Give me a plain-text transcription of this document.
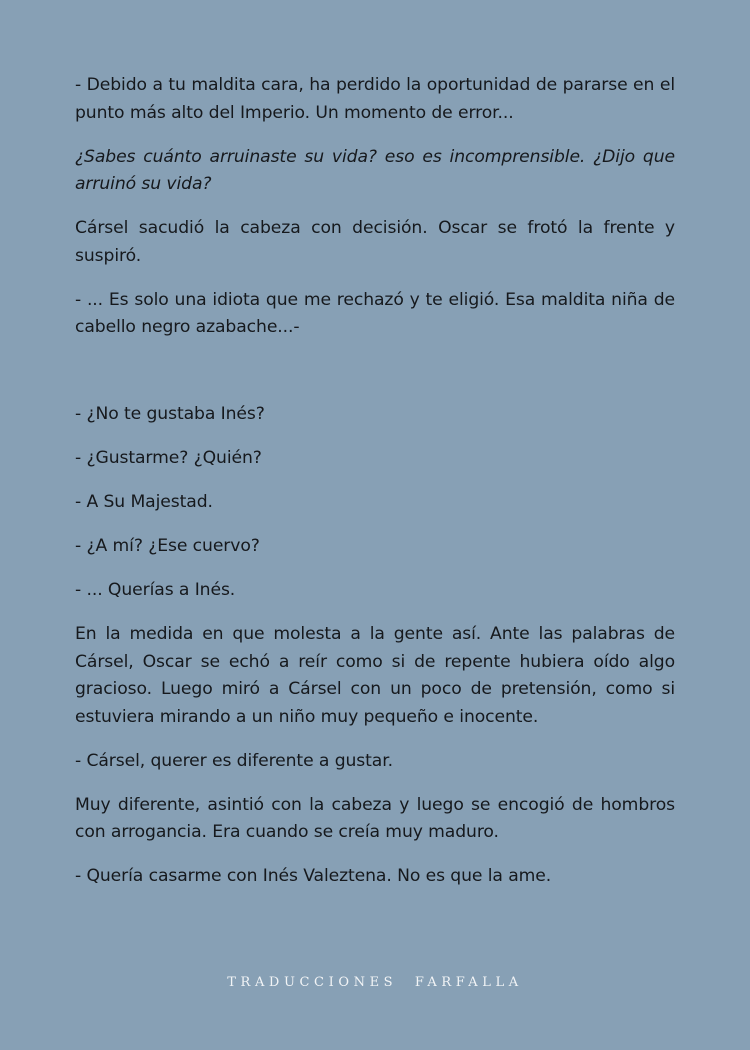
- Debido a tu maldita cara, ha perdido la oportunidad de pararse en el punto más alto del Imperio. Un momento de error...

¿Sabes cuánto arruinaste su vida? eso es incomprensible. ¿Dijo que arruinó su vida?

Cársel sacudió la cabeza con decisión. Oscar se frotó la frente y suspiró.

- ... Es solo una idiota que me rechazó y te eligió. Esa maldita niña de cabello negro azabache...-

- ¿No te gustaba Inés?

- ¿Gustarme? ¿Quién?

- A Su Majestad.

- ¿A mí? ¿Ese cuervo?

- ... Querías a Inés.

En la medida en que molesta a la gente así. Ante las palabras de Cársel, Oscar se echó a reír como si de repente hubiera oído algo gracioso. Luego miró a Cársel con un poco de pretensión, como si estuviera mirando a un niño muy pequeño e inocente.

- Cársel, querer es diferente a gustar.

Muy diferente, asintió con la cabeza y luego se encogió de hombros con arrogancia. Era cuando se creía muy maduro.

- Quería casarme con Inés Valeztena. No es que la ame.

TRADUCCIONES FARFALLA
